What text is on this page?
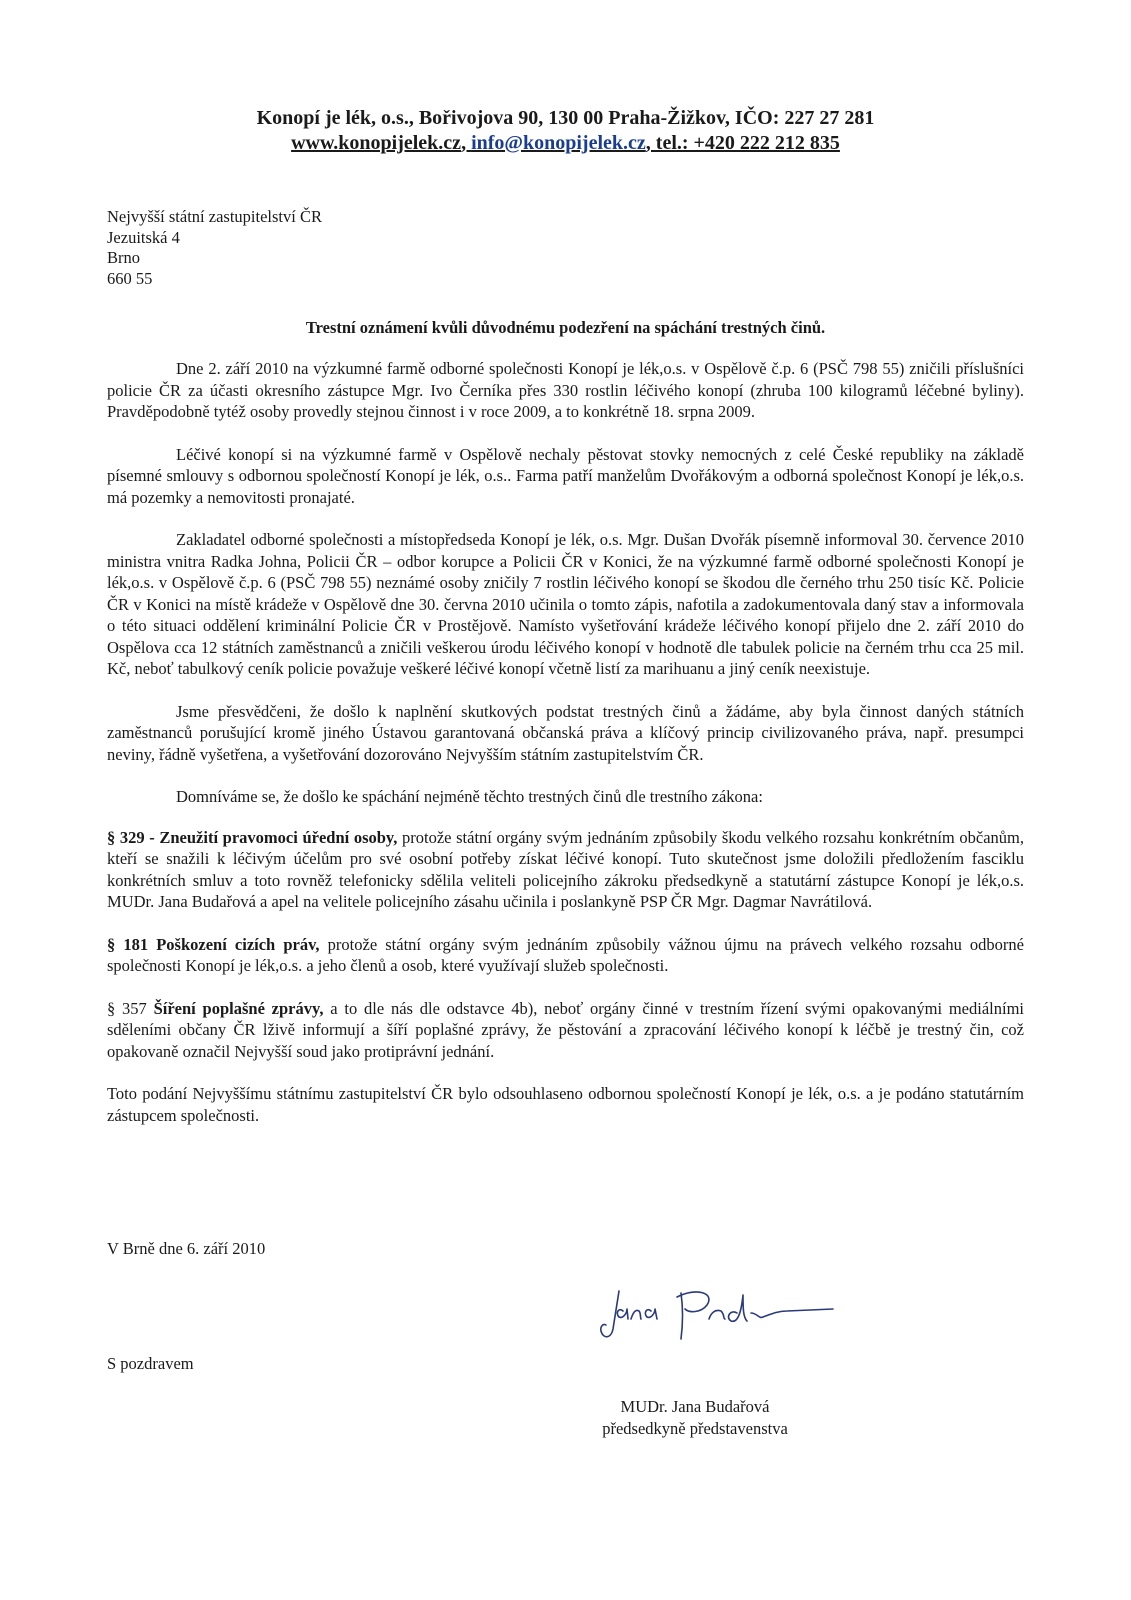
Konopí je lék, o.s., Bořivojova 90, 130 00 Praha-Žižkov, IČO: 227 27 281
www.konopijelek.cz, info@konopijelek.cz, tel.: +420 222 212 835
Nejvyšší státní zastupitelství ČR
Jezuitská 4
Brno
660 55
Trestní oznámení kvůli důvodnému podezření na spáchání trestných činů.

Dne 2. září 2010 na výzkumné farmě odborné společnosti Konopí je lék,o.s. v Ospělově č.p. 6 (PSČ 798 55) zničili příslušníci policie ČR za účasti okresního zástupce Mgr. Ivo Černíka přes 330 rostlin léčivého konopí (zhruba 100 kilogramů léčebné byliny). Pravděpodobně tytéž osoby provedly stejnou činnost i v roce 2009, a to konkrétně 18. srpna 2009.

Léčivé konopí si na výzkumné farmě v Ospělově nechaly pěstovat stovky nemocných z celé České republiky na základě písemné smlouvy s odbornou společností Konopí je lék, o.s.. Farma patří manželům Dvořákovým a odborná společnost Konopí je lék,o.s. má pozemky a nemovitosti pronajaté.

Zakladatel odborné společnosti a místopředseda Konopí je lék, o.s. Mgr. Dušan Dvořák písemně informoval 30. července 2010 ministra vnitra Radka Johna, Policii ČR – odbor korupce a Policii ČR v Konici, že na výzkumné farmě odborné společnosti Konopí je lék,o.s. v Ospělově č.p. 6 (PSČ 798 55) neznámé osoby zničily 7 rostlin léčivého konopí se škodou dle černého trhu 250 tisíc Kč. Policie ČR v Konici na místě krádeže v Ospělově dne 30. června 2010 učinila o tomto zápis, nafotila a zadokumentovala daný stav a informovala o této situaci oddělení kriminální Policie ČR v Prostějově. Namísto vyšetřování krádeže léčivého konopí přijelo dne 2. září 2010 do Ospělova cca 12 státních zaměstnanců a zničili veškerou úrodu léčivého konopí v hodnotě dle tabulek policie na černém trhu cca 25 mil. Kč, neboť tabulkový ceník policie považuje veškeré léčivé konopí včetně listí za marihuanu a jiný ceník neexistuje.

Jsme přesvědčeni, že došlo k naplnění skutkových podstat trestných činů a žádáme, aby byla činnost daných státních zaměstnanců porušující kromě jiného Ústavou garantovaná občanská práva a klíčový princip civilizovaného práva, např. presumpci neviny, řádně vyšetřena, a vyšetřování dozorováno Nejvyšším státním zastupitelstvím ČR.

Domníváme se, že došlo ke spáchání nejméně těchto trestných činů dle trestního zákona:

§ 329 - Zneužití pravomoci úřední osoby, protože státní orgány svým jednáním způsobily škodu velkého rozsahu konkrétním občanům, kteří se snažili k léčivým účelům pro své osobní potřeby získat léčivé konopí. Tuto skutečnost jsme doložili předložením fasciklu konkrétních smluv a toto rovněž telefonicky sdělila veliteli policejního zákroku předsedkyně a statutární zástupce Konopí je lék,o.s. MUDr. Jana Budařová a apel na velitele policejního zásahu učinila i poslankyně PSP ČR Mgr. Dagmar Navrátilová.

§ 181 Poškození cizích práv, protože státní orgány svým jednáním způsobily vážnou újmu na právech velkého rozsahu odborné společnosti Konopí je lék,o.s. a jeho členů a osob, které využívají služeb společnosti.

§ 357 Šíření poplašné zprávy, a to dle nás dle odstavce 4b), neboť orgány činné v trestním řízení svými opakovanými mediálními sděleními občany ČR lživě informují a šíří poplašné zprávy, že pěstování a zpracování léčivého konopí k léčbě je trestný čin, což opakovaně označil Nejvyšší soud jako protiprávní jednání.

Toto podání Nejvyššímu státnímu zastupitelství ČR bylo odsouhlaseno odbornou společností Konopí je lék, o.s. a je podáno statutárním zástupcem společnosti.

V Brně dne 6. září 2010
S pozdravem
MUDr. Jana Budařová
předsedkyně představenstva
